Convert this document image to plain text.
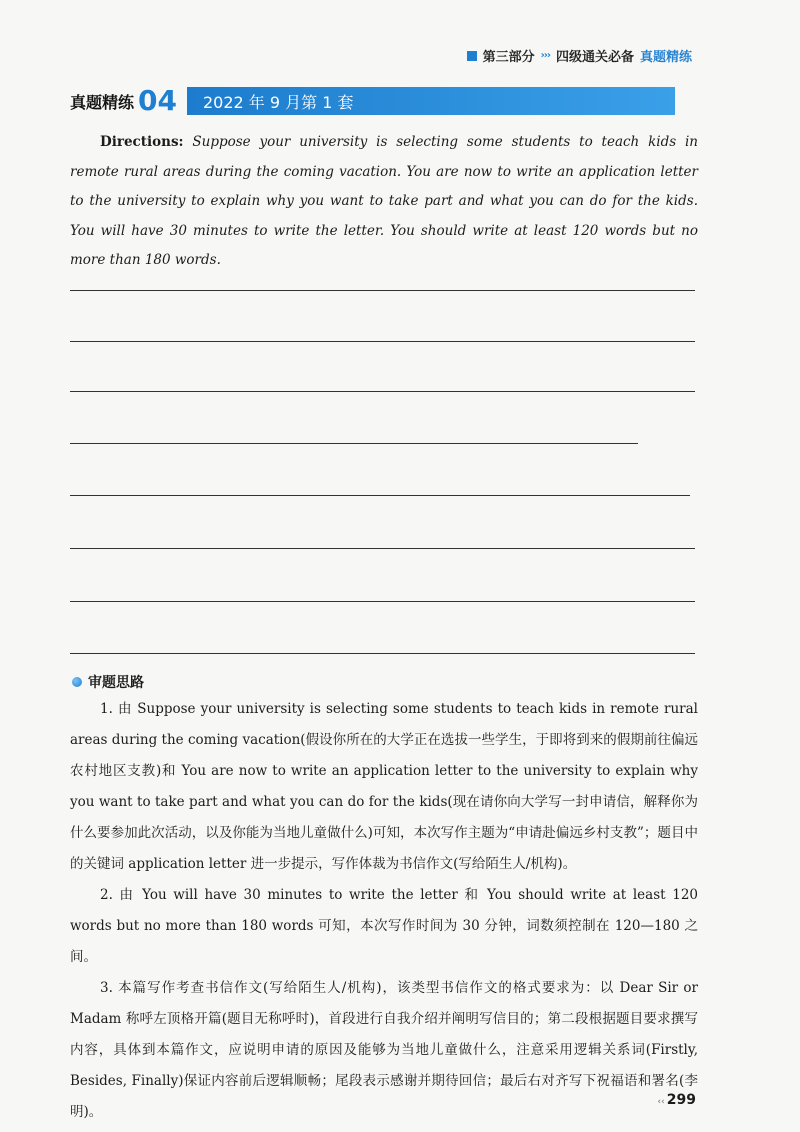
第三部分 ››› 四级通关必备 真题精练
真题精练 04 2022 年 9 月第 1 套
Directions: Suppose your university is selecting some students to teach kids in remote rural areas during the coming vacation. You are now to write an application letter to the university to explain why you want to take part and what you can do for the kids. You will have 30 minutes to write the letter. You should write at least 120 words but no more than 180 words.
审题思路

1. 由 Suppose your university is selecting some students to teach kids in remote rural areas during the coming vacation(假设你所在的大学正在选拔一些学生，于即将到来的假期前往偏远农村地区支教)和 You are now to write an application letter to the university to explain why you want to take part and what you can do for the kids(现在请你向大学写一封申请信，解释你为什么要参加此次活动，以及你能为当地儿童做什么)可知，本次写作主题为“申请赴偏远乡村支教”；题目中的关键词 application letter 进一步提示，写作体裁为书信作文(写给陌生人/机构)。

2. 由 You will have 30 minutes to write the letter 和 You should write at least 120 words but no more than 180 words 可知，本次写作时间为 30 分钟，词数须控制在 120—180 之间。

3. 本篇写作考查书信作文(写给陌生人/机构)，该类型书信作文的格式要求为：以 Dear Sir or Madam 称呼左顶格开篇(题目无称呼时)，首段进行自我介绍并阐明写信目的；第二段根据题目要求撰写内容，具体到本篇作文，应说明申请的原因及能够为当地儿童做什么，注意采用逻辑关系词(Firstly, Besides, Finally)保证内容前后逻辑顺畅；尾段表示感谢并期待回信；最后右对齐写下祝福语和署名(李明)。

‹‹ 299
